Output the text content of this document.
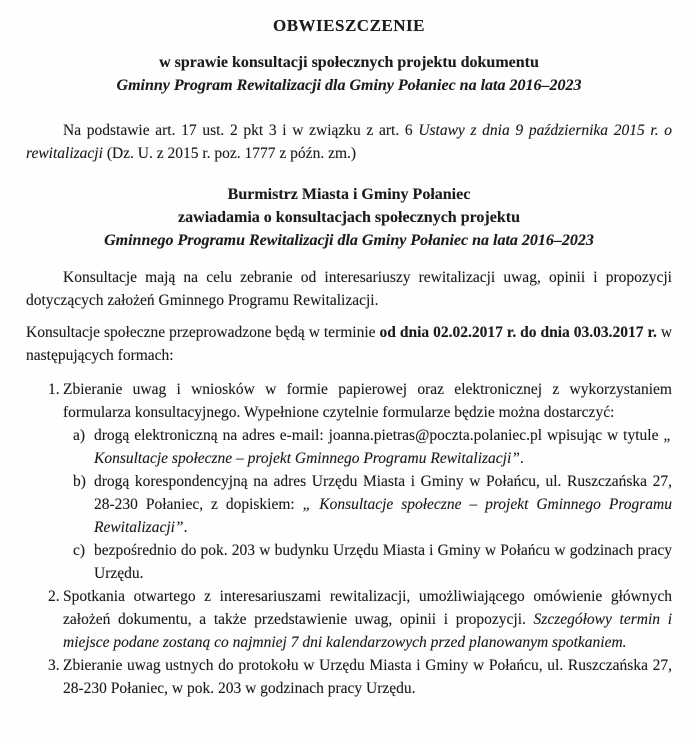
OBWIESZCZENIE

w sprawie konsultacji społecznych projektu dokumentu

Gminny Program Rewitalizacji dla Gminy Połaniec na lata 2016–2023

Na podstawie art. 17 ust. 2 pkt 3 i w związku z art. 6 Ustawy z dnia 9 października 2015 r. o rewitalizacji (Dz. U. z 2015 r. poz. 1777 z późn. zm.)

Burmistrz Miasta i Gminy Połaniec

zawiadamia o konsultacjach społecznych projektu

Gminnego Programu Rewitalizacji dla Gminy Połaniec na lata 2016–2023

Konsultacje mają na celu zebranie od interesariuszy rewitalizacji uwag, opinii i propozycji dotyczących założeń Gminnego Programu Rewitalizacji.

Konsultacje społeczne przeprowadzone będą w terminie od dnia 02.02.2017 r. do dnia 03.03.2017 r. w następujących formach:

1. Zbieranie uwag i wniosków w formie papierowej oraz elektronicznej z wykorzystaniem formularza konsultacyjnego. Wypełnione czytelnie formularze będzie można dostarczyć:
a) drogą elektroniczną na adres e-mail: joanna.pietras@poczta.polaniec.pl wpisując w tytule „ Konsultacje społeczne – projekt Gminnego Programu Rewitalizacji”.
b) drogą korespondencyjną na adres Urzędu Miasta i Gminy w Połańcu, ul. Ruszczańska 27, 28-230 Połaniec, z dopiskiem: „ Konsultacje społeczne – projekt Gminnego Programu Rewitalizacji”.
c) bezpośrednio do pok. 203 w budynku Urzędu Miasta i Gminy w Połańcu w godzinach pracy Urzędu.
2. Spotkania otwartego z interesariuszami rewitalizacji, umożliwiającego omówienie głównych założeń dokumentu, a także przedstawienie uwag, opinii i propozycji. Szczegółowy termin i miejsce podane zostaną co najmniej 7 dni kalendarzowych przed planowanym spotkaniem.
3. Zbieranie uwag ustnych do protokołu w Urzędu Miasta i Gminy w Połańcu, ul. Ruszczańska 27, 28-230 Połaniec, w pok. 203 w godzinach pracy Urzędu.
